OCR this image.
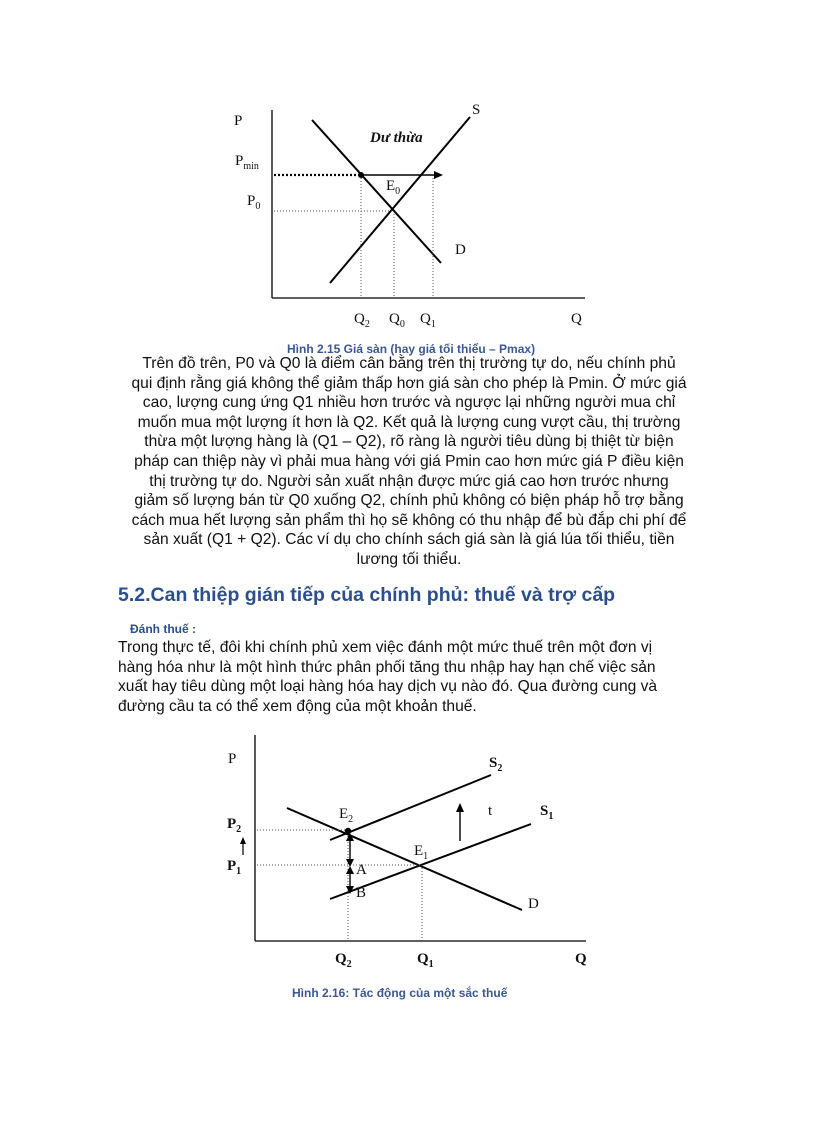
P
$P_{min}$
$P_0$
$E_0$
Dư thừa
S
D
$Q_2$ $Q_0$ $Q_1$	Q
Hình 2.15 Giá sàn (hay giá tối thiểu – Pmax)
Trên đồ trên, P0 và Q0 là điểm cân bằng trên thị trường tự do, nếu chính phủ
qui định rằng giá không thể giảm thấp hơn giá sàn cho phép là Pmin. Ở mức giá
cao, lượng cung ứng Q1 nhiều hơn trước và ngược lại những người mua chỉ
muốn mua một lượng ít hơn là Q2. Kết quả là lượng cung vượt cầu, thị trường
thừa một lượng hàng là (Q1 – Q2), rõ ràng là người tiêu dùng bị thiệt từ biện
pháp can thiệp này vì phải mua hàng với giá Pmin cao hơn mức giá P điều kiện
thị trường tự do. Người sản xuất nhận được mức giá cao hơn trước nhưng
giảm số lượng bán từ Q0 xuống Q2, chính phủ không có biện pháp hỗ trợ bằng
cách mua hết lượng sản phẩm thì họ sẽ không có thu nhập để bù đắp chi phí để
sản xuất (Q1 + Q2). Các ví dụ cho chính sách giá sàn là giá lúa tối thiểu, tiền
lương tối thiểu.
5.2.Can thiệp gián tiếp của chính phủ: thuế và trợ cấp
Đánh thuế :
Trong thực tế, đôi khi chính phủ xem việc đánh một mức thuế trên một đơn vị
hàng hóa như là một hình thức phân phối tăng thu nhập hay hạn chế việc sản
xuất hay tiêu dùng một loại hàng hóa hay dịch vụ nào đó. Qua đường cung và
đường cầu ta có thể xem động của một khoản thuế.
P	$S_2$
$S_1$
t
$E_2$
$E_1$
$P_2$
$P_1$	A
B
D
$Q_2$	$Q_1$	Q
Hình 2.16: Tác động của một sắc thuế
